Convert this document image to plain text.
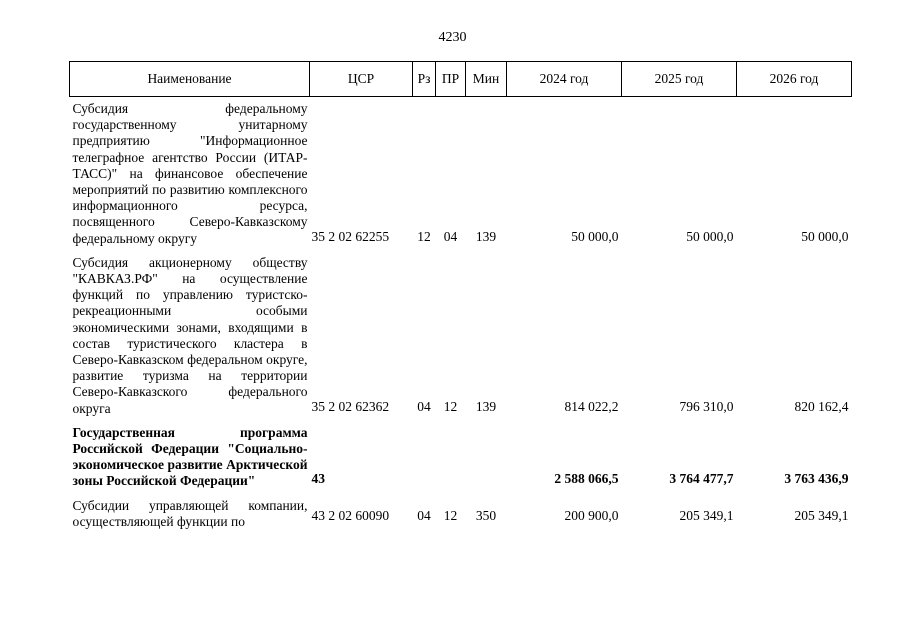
4230
Наименование	ЦСР	Рз	ПР	Мин	2024 год	2025 год	2026 год

Субсидия федеральному государственному унитарному предприятию "Информационное телеграфное агентство России (ИТАР-ТАСС)" на финансовое обеспечение мероприятий по развитию комплексного информационного ресурса, посвященного Северо-Кавказскому федеральному округу	35 2 02 62255	12	04	139	50 000,0	50 000,0	50 000,0

Субсидия акционерному обществу "КАВКАЗ.РФ" на осуществление функций по управлению туристско-рекреационными особыми экономическими зонами, входящими в состав туристического кластера в Северо-Кавказском федеральном округе, развитие туризма на территории Северо-Кавказского федерального округа	35 2 02 62362	04	12	139	814 022,2	796 310,0	820 162,4

Государственная программа Российской Федерации "Социально-экономическое развитие Арктической зоны Российской Федерации"	43				2 588 066,5	3 764 477,7	3 763 436,9

Субсидии управляющей компании, осуществляющей функции по	43 2 02 60090	04	12	350	200 900,0	205 349,1	205 349,1
